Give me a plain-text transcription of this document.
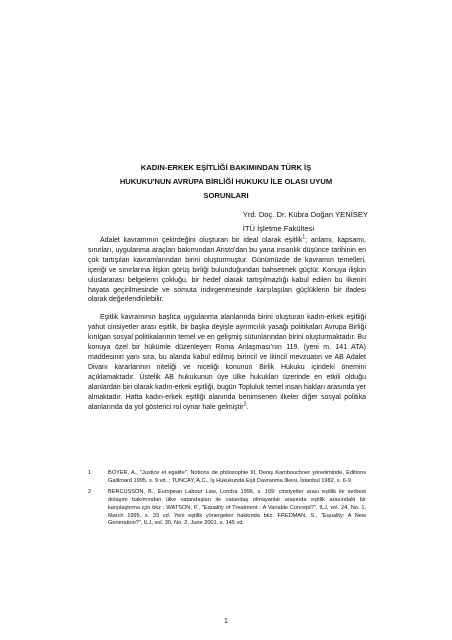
KADIN-ERKEK EŞİTLİĞİ BAKIMINDAN TÜRK İŞ
HUKUKU'NUN AVRUPA BİRLİĞİ HUKUKU İLE OLASI UYUM
SORUNLARI
Yrd. Doç. Dr. Kübra Doğan YENİSEY
İTÜ İşletme Fakültesi

Adalet kavramının çekirdeğini oluşturan bir ideal olarak eşitlik$^1$; anlamı, kapsamı, sınırları, uygulanma araçları bakımından Aristo'dan bu yana insanlık düşünce tarihinin en çok tartışılan kavramlarından birini oluşturmuştur. Günümüzde de kavramın temelleri, içeriği ve sınırlarına ilişkin görüş birliği bulunduğundan bahsetmek güçtür. Konuya ilişkin uluslararası belgelerin çokluğu, bir hedef olarak tartışılmazlığı kabul edilen bu ilkenin hayata geçirilmesinde ve somuta indirgenmesinde karşılaşılan güçlüklerin bir ifadesi olarak değerlendirilebilir.

Eşitlik kavramının başlıca uygulanma alanlarında birini oluşturan kadın-erkek eşitliği yahut cinsiyetler arası eşitlik, bir başka deyişle ayrımcılık yasağı politikaları Avrupa Birliği kırılgan sosyal politikalarının temel ve en gelişmiş sütunlarından birini oluşturmaktadır. Bu konuya özel bir hükümle düzenleyen Roma Anlaşması'nın 119. (yeni m. 141 ATA) maddesinin yanı sıra, bu alanda kabul edilmiş birincil ve ikincil mevzuatın ve AB Adalet Divanı kararlarının niteliği ve niceliği konunun Birlik Hukuku içindeki önemini açıklamaktadır. Üstelik AB hukukunun üye ülke hukukları üzerinde en etkili olduğu alanlardan biri olarak kadın-erkek eşitliği, bugün Topluluk temel insan hakları arasında yer almaktadır. Hatta kadın-erkek eşitliği alanında benimsenen ilkeler diğer sosyal politika alanlarında da yol gösterici rol oynar hale gelmiştir$^2$.

1	BOYER, A., "Justice et egalite", Notions de philosophie III, Deniş Kambouchner yönetiminde, Editions Gallimard 1995, s. 9 vd. ; TUNCAY, A.C., İş Hukukunda Eşit Davranma İlkesi, İstanbul 1982, s. 6-9.
2	BERCUSSON, B., European Labour Law, Londra 1996, s. 169: cinsiyetler arası eşitlik ile serbest dolaşım bakımından ülke vatandaşları ile vatandaş olmayanlar arasında eşitlik arasındaki bir karşılaştırma için bkz : WATSON, P., "Equality of Treatment : A Variable Concept?", ILJ, vol. 24, No. 1, March 1995, s. 33 vd. Yeni eşitlik yönergeleri hakkında bkz. FREDMAN, S., "Equality: A New Generation?", ILJ, vol. 30, No. 2, June 2001, s. 145 vd.
1
